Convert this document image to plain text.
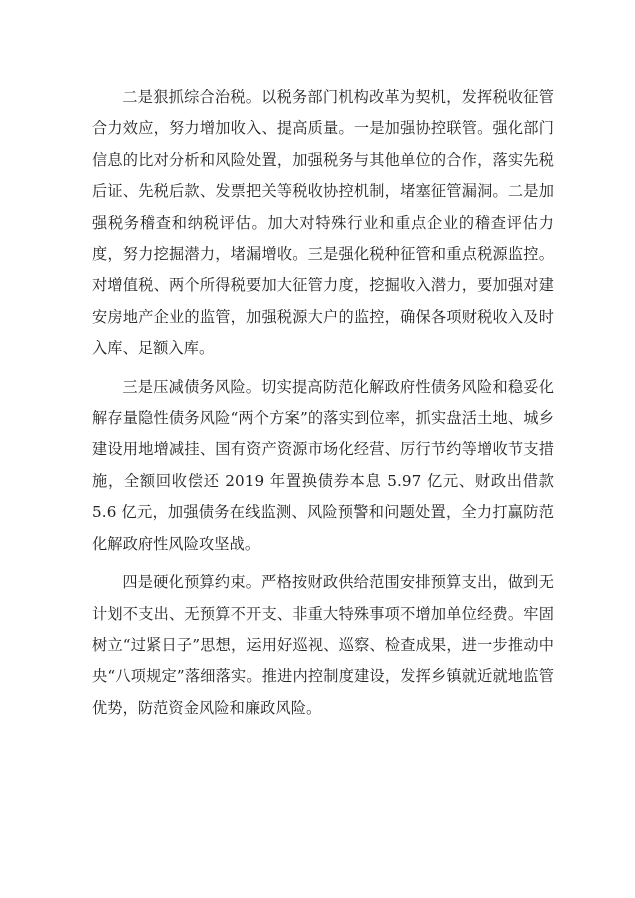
二是狠抓综合治税。以税务部门机构改革为契机，发挥税收征管合力效应，努力增加收入、提高质量。一是加强协控联管。强化部门信息的比对分析和风险处置，加强税务与其他单位的合作，落实先税后证、先税后款、发票把关等税收协控机制，堵塞征管漏洞。二是加强税务稽查和纳税评估。加大对特殊行业和重点企业的稽查评估力度，努力挖掘潜力，堵漏增收。三是强化税种征管和重点税源监控。对增值税、两个所得税要加大征管力度，挖掘收入潜力，要加强对建安房地产企业的监管，加强税源大户的监控，确保各项财税收入及时入库、足额入库。

三是压减债务风险。切实提高防范化解政府性债务风险和稳妥化解存量隐性债务风险“两个方案”的落实到位率，抓实盘活土地、城乡建设用地增减挂、国有资产资源市场化经营、厉行节约等增收节支措施，全额回收偿还 2019 年置换债券本息 5.97 亿元、财政出借款 5.6 亿元，加强债务在线监测、风险预警和问题处置，全力打赢防范化解政府性风险攻坚战。

四是硬化预算约束。严格按财政供给范围安排预算支出，做到无计划不支出、无预算不开支、非重大特殊事项不增加单位经费。牢固树立“过紧日子”思想，运用好巡视、巡察、检查成果，进一步推动中央“八项规定”落细落实。推进内控制度建设，发挥乡镇就近就地监管优势，防范资金风险和廉政风险。
